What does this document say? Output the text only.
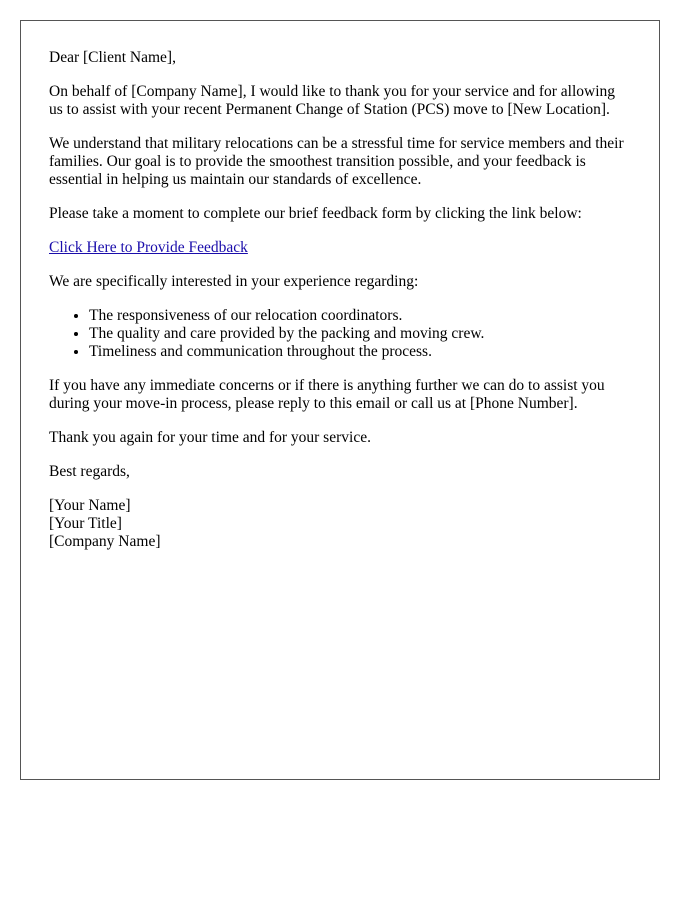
Dear [Client Name],

On behalf of [Company Name], I would like to thank you for your service and for allowing us to assist with your recent Permanent Change of Station (PCS) move to [New Location].

We understand that military relocations can be a stressful time for service members and their families. Our goal is to provide the smoothest transition possible, and your feedback is essential in helping us maintain our standards of excellence.

Please take a moment to complete our brief feedback form by clicking the link below:

Click Here to Provide Feedback

We are specifically interested in your experience regarding:

• The responsiveness of our relocation coordinators.
• The quality and care provided by the packing and moving crew.
• Timeliness and communication throughout the process.

If you have any immediate concerns or if there is anything further we can do to assist you during your move-in process, please reply to this email or call us at [Phone Number].

Thank you again for your time and for your service.

Best regards,

[Your Name]
[Your Title]
[Company Name]
